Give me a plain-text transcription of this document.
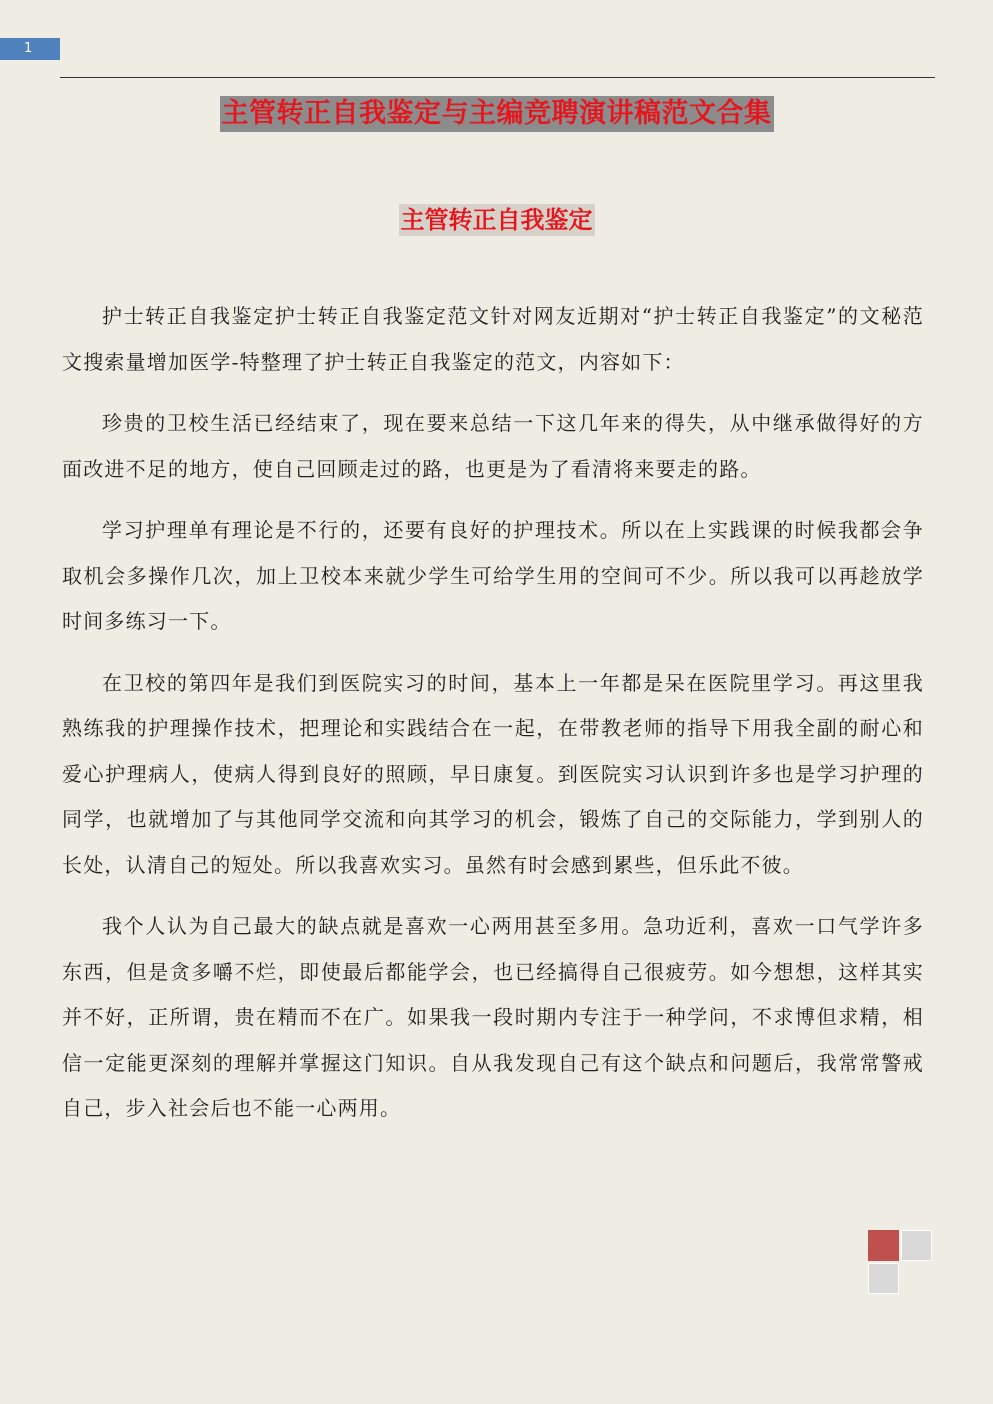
1
主管转正自我鉴定与主编竞聘演讲稿范文合集
主管转正自我鉴定

护士转正自我鉴定护士转正自我鉴定范文针对网友近期对“护士转正自我鉴定”的文秘范文搜索量增加医学-特整理了护士转正自我鉴定的范文，内容如下：

珍贵的卫校生活已经结束了，现在要来总结一下这几年来的得失，从中继承做得好的方面改进不足的地方，使自己回顾走过的路，也更是为了看清将来要走的路。

学习护理单有理论是不行的，还要有良好的护理技术。所以在上实践课的时候我都会争取机会多操作几次，加上卫校本来就少学生可给学生用的空间可不少。所以我可以再趁放学时间多练习一下。

在卫校的第四年是我们到医院实习的时间，基本上一年都是呆在医院里学习。再这里我熟练我的护理操作技术，把理论和实践结合在一起，在带教老师的指导下用我全副的耐心和爱心护理病人，使病人得到良好的照顾，早日康复。到医院实习认识到许多也是学习护理的同学，也就增加了与其他同学交流和向其学习的机会，锻炼了自己的交际能力，学到别人的长处，认清自己的短处。所以我喜欢实习。虽然有时会感到累些，但乐此不彼。

我个人认为自己最大的缺点就是喜欢一心两用甚至多用。急功近利，喜欢一口气学许多东西，但是贪多嚼不烂，即使最后都能学会，也已经搞得自己很疲劳。如今想想，这样其实并不好，正所谓，贵在精而不在广。如果我一段时期内专注于一种学问，不求博但求精，相信一定能更深刻的理解并掌握这门知识。自从我发现自己有这个缺点和问题后，我常常警戒自己，步入社会后也不能一心两用。
